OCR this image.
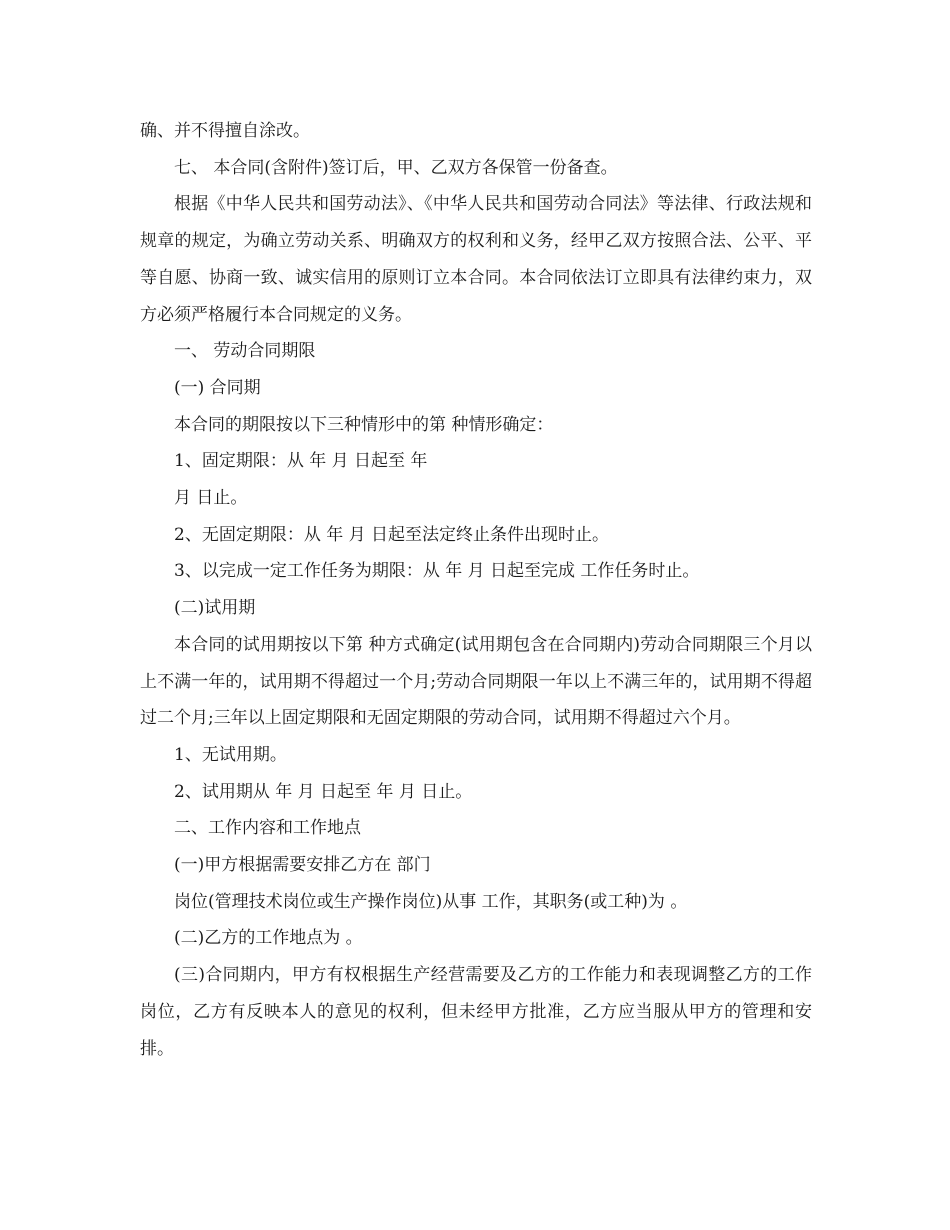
确、并不得擅自涂改。

七、 本合同(含附件)签订后，甲、乙双方各保管一份备查。

根据《中华人民共和国劳动法》、《中华人民共和国劳动合同法》等法律、行政法规和规章的规定，为确立劳动关系、明确双方的权利和义务，经甲乙双方按照合法、公平、平等自愿、协商一致、诚实信用的原则订立本合同。本合同依法订立即具有法律约束力，双方必须严格履行本合同规定的义务。

一、 劳动合同期限

(一) 合同期

本合同的期限按以下三种情形中的第 种情形确定：

1、固定期限：从 年 月 日起至 年

月 日止。

2、无固定期限：从 年 月 日起至法定终止条件出现时止。

3、以完成一定工作任务为期限：从 年 月 日起至完成 工作任务时止。

(二)试用期

本合同的试用期按以下第 种方式确定(试用期包含在合同期内)劳动合同期限三个月以上不满一年的，试用期不得超过一个月;劳动合同期限一年以上不满三年的，试用期不得超过二个月;三年以上固定期限和无固定期限的劳动合同，试用期不得超过六个月。

1、无试用期。

2、试用期从 年 月 日起至 年 月 日止。

二、工作内容和工作地点

(一)甲方根据需要安排乙方在 部门

岗位(管理技术岗位或生产操作岗位)从事 工作，其职务(或工种)为 。

(二)乙方的工作地点为 。

(三)合同期内，甲方有权根据生产经营需要及乙方的工作能力和表现调整乙方的工作岗位，乙方有反映本人的意见的权利，但未经甲方批准，乙方应当服从甲方的管理和安排。
